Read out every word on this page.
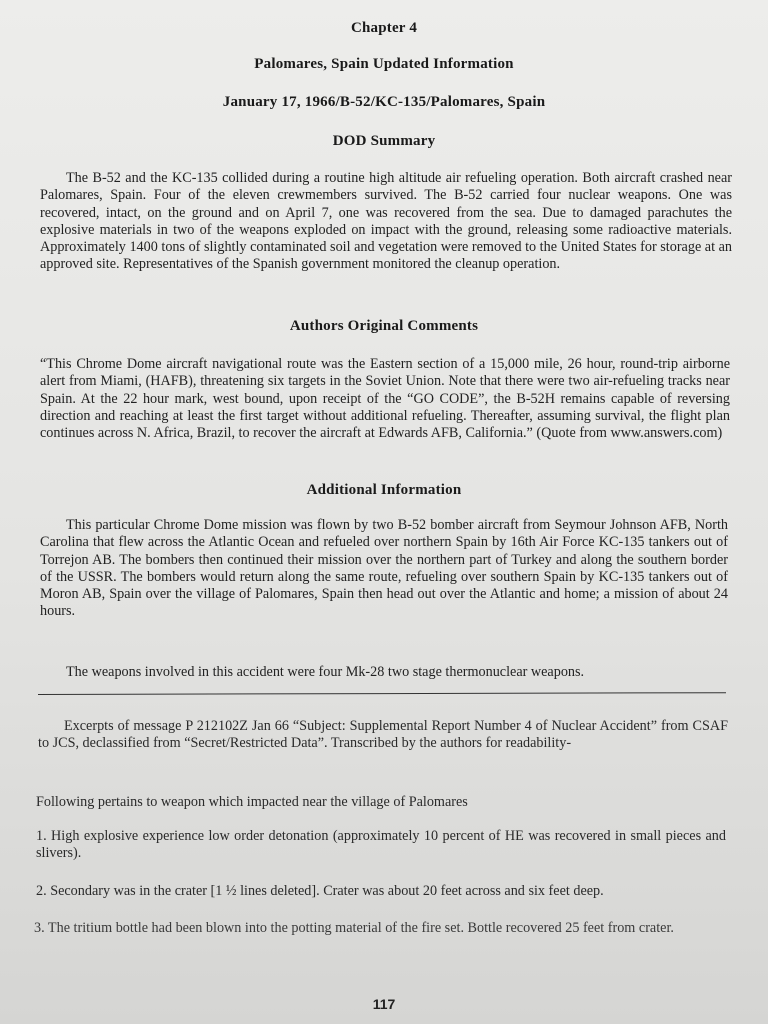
Chapter 4
Palomares, Spain Updated Information
January 17, 1966/B-52/KC-135/Palomares, Spain
DOD Summary

The B-52 and the KC-135 collided during a routine high altitude air refueling operation. Both aircraft crashed near Palomares, Spain. Four of the eleven crewmembers survived. The B-52 carried four nuclear weapons. One was recovered, intact, on the ground and on April 7, one was recovered from the sea. Due to damaged parachutes the explosive materials in two of the weapons exploded on impact with the ground, releasing some radioactive materials. Approximately 1400 tons of slightly contaminated soil and vegetation were removed to the United States for storage at an approved site. Representatives of the Spanish government monitored the cleanup operation.

Authors Original Comments

“This Chrome Dome aircraft navigational route was the Eastern section of a 15,000 mile, 26 hour, round-trip airborne alert from Miami, (HAFB), threatening six targets in the Soviet Union. Note that there were two air-refueling tracks near Spain. At the 22 hour mark, west bound, upon receipt of the “GO CODE”, the B-52H remains capable of reversing direction and reaching at least the first target without additional refueling. Thereafter, assuming survival, the flight plan continues across N. Africa, Brazil, to recover the aircraft at Edwards AFB, California.” (Quote from www.answers.com)

Additional Information

This particular Chrome Dome mission was flown by two B-52 bomber aircraft from Seymour Johnson AFB, North Carolina that flew across the Atlantic Ocean and refueled over northern Spain by 16th Air Force KC-135 tankers out of Torrejon AB. The bombers then continued their mission over the northern part of Turkey and along the southern border of the USSR. The bombers would return along the same route, refueling over southern Spain by KC-135 tankers out of Moron AB, Spain over the village of Palomares, Spain then head out over the Atlantic and home; a mission of about 24 hours.

The weapons involved in this accident were four Mk-28 two stage thermonuclear weapons.

Excerpts of message P 212102Z Jan 66 “Subject: Supplemental Report Number 4 of Nuclear Accident” from CSAF to JCS, declassified from “Secret/Restricted Data”. Transcribed by the authors for readability-

Following pertains to weapon which impacted near the village of Palomares

1. High explosive experience low order detonation (approximately 10 percent of HE was recovered in small pieces and slivers).

2. Secondary was in the crater [1 ½ lines deleted]. Crater was about 20 feet across and six feet deep.

3. The tritium bottle had been blown into the potting material of the fire set. Bottle recovered 25 feet from crater.

117
